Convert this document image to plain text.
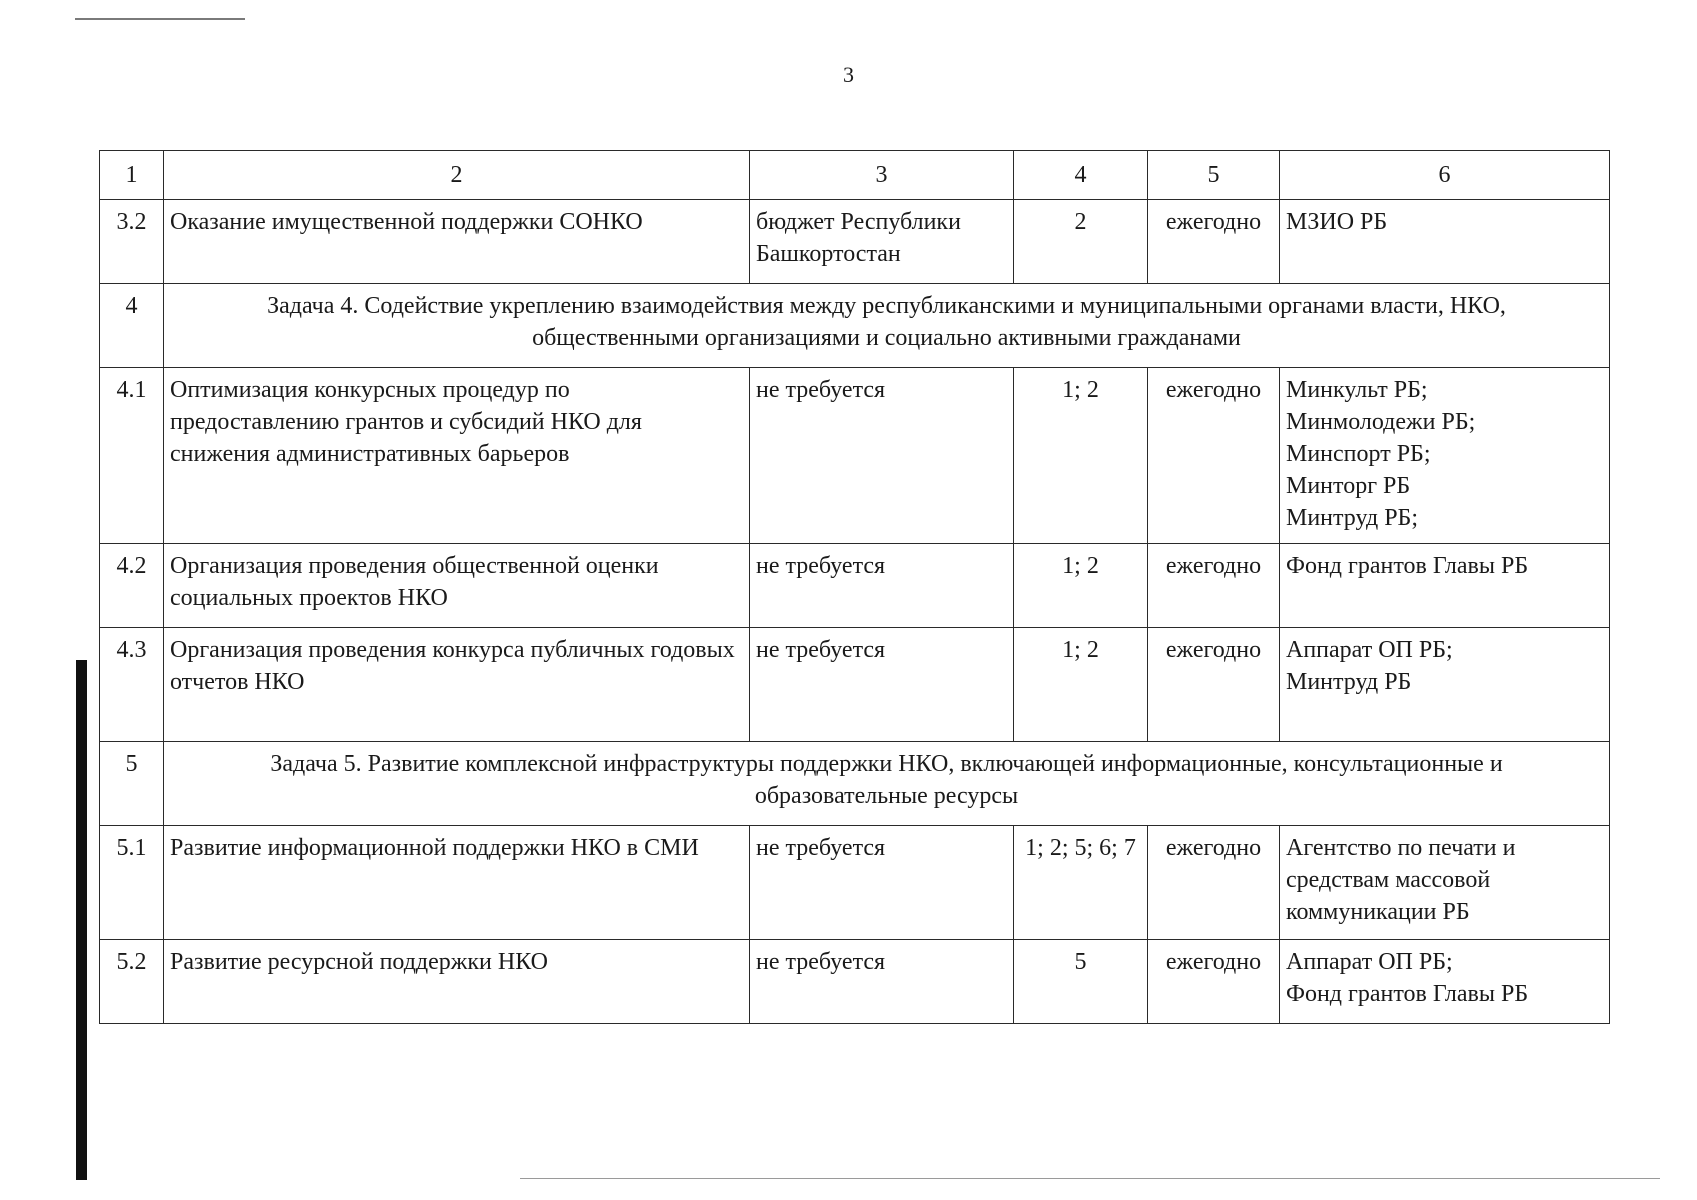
3
1	2	3	4	5	6
3.2	Оказание имущественной поддержки СОНКО	бюджет Республики Башкортостан	2	ежегодно	МЗИО РБ

4	Задача 4. Содействие укреплению взаимодействия между республиканскими и муниципальными органами власти, НКО,
общественными организациями и социально активными гражданами				

4.1	Оптимизация конкурсных процедур по предоставлению грантов и субсидий НКО для снижения административных барьеров	не требуется	1; 2	ежегодно	Минкульт РБ;
Минмолодежи РБ;
Минспорт РБ;
Минторг РБ
Минтруд РБ;

4.2	Организация проведения общественной оценки социальных проектов НКО	не требуется	1; 2	ежегодно	Фонд грантов Главы РБ

4.3	Организация проведения конкурса публичных годовых отчетов НКО	не требуется	1; 2	ежегодно	Аппарат ОП РБ;
Минтруд РБ

5	Задача 5. Развитие комплексной инфраструктуры поддержки НКО, включающей информационные, консультационные и
образовательные ресурсы				

5.1	Развитие информационной поддержки НКО в СМИ	не требуется	1; 2; 5; 6; 7	ежегодно	Агентство по печати и
средствам массовой
коммуникации РБ

5.2	Развитие ресурсной поддержки НКО	не требуется	5	ежегодно	Аппарат ОП РБ;
Фонд грантов Главы РБ
